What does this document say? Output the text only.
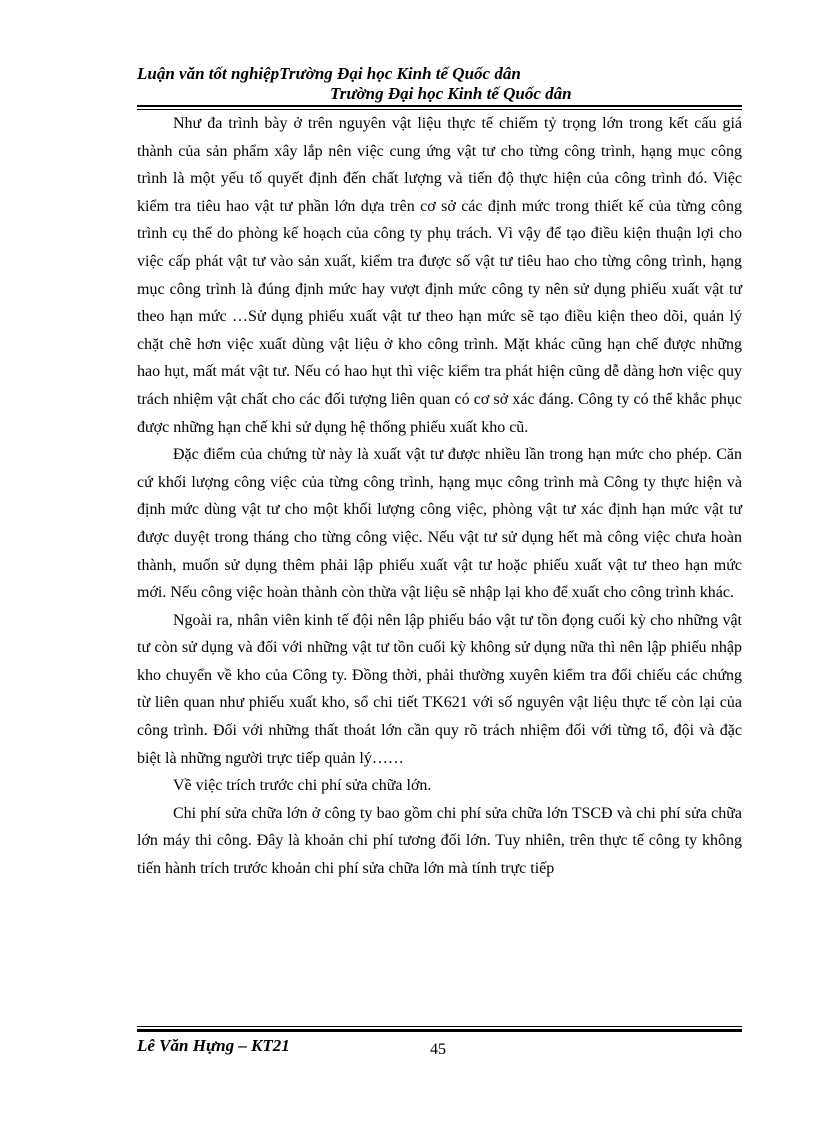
Luận văn tốt nghiệpTrường Đại học Kinh tế Quốc dân

Trường Đại học Kinh tế Quốc dân

Như đa trình bày ở trên nguyên vật liệu thực tế chiếm tỷ trọng lớn trong kết cấu giá thành của sản phẩm xây lắp nên việc cung ứng vật tư cho từng công trình, hạng mục công trình là một yếu tố quyết định đến chất lượng và tiến độ thực hiện của công trình đó. Việc kiểm tra tiêu hao vật tư phần lớn dựa trên cơ sở các định mức trong thiết kế của từng công trình cụ thể do phòng kế hoạch của công ty phụ trách. Vì vậy để tạo điều kiện thuận lợi cho việc cấp phát vật tư vào sản xuất, kiểm tra được số vật tư tiêu hao cho từng công trình, hạng mục công trình là đúng định mức hay vượt định mức công ty nên sử dụng phiếu xuất vật tư theo hạn mức …Sử dụng phiếu xuất vật tư theo hạn mức sẽ tạo điều kiện theo dõi, quản lý chặt chẽ hơn việc xuất dùng vật liệu ở kho công trình. Mặt khác cũng hạn chế được những hao hụt, mất mát vật tư. Nếu có hao hụt thì việc kiểm tra phát hiện cũng dễ dàng hơn việc quy trách nhiệm vật chất cho các đối tượng liên quan có cơ sở xác đáng. Công ty có thể khắc phục được những hạn chế khi sử dụng hệ thống phiếu xuất kho cũ.

Đặc điểm của chứng từ này là xuất vật tư được nhiều lần trong hạn mức cho phép. Căn cứ khối lượng công việc của từng công trình, hạng mục công trình mà Công ty thực hiện và định mức dùng vật tư cho một khối lượng công việc, phòng vật tư xác định hạn mức vật tư được duyệt trong tháng cho từng công việc. Nếu vật tư sử dụng hết mà công việc chưa hoàn thành, muốn sử dụng thêm phải lập phiếu xuất vật tư hoặc phiếu xuất vật tư theo hạn mức mới. Nếu công việc hoàn thành còn thừa vật liệu sẽ nhập lại kho để xuất cho công trình khác.

Ngoài ra, nhân viên kinh tế đội nên lập phiếu báo vật tư tồn đọng cuối kỳ cho những vật tư còn sử dụng và đối với những vật tư tồn cuối kỳ không sử dụng nữa thì nên lập phiếu nhập kho chuyển về kho của Công ty. Đồng thời, phải thường xuyên kiểm tra đối chiếu các chứng từ liên quan như phiếu xuất kho, sổ chi tiết TK621 với số nguyên vật liệu thực tế còn lại của công trình. Đối với những thất thoát lớn cần quy rõ trách nhiệm đối với từng tổ, đội và đặc biệt là những người trực tiếp quản lý……

Về việc trích trước chi phí sửa chữa lớn.

Chi phí sửa chữa lớn ở công ty bao gồm chi phí sửa chữa lớn TSCĐ và chi phí sửa chữa lớn máy thi công. Đây là khoản chi phí tương đối lớn. Tuy nhiên, trên thực tế công ty không tiến hành trích trước khoản chi phí sửa chữa lớn mà tính trực tiếp

Lê Văn Hựng – KT21	45
